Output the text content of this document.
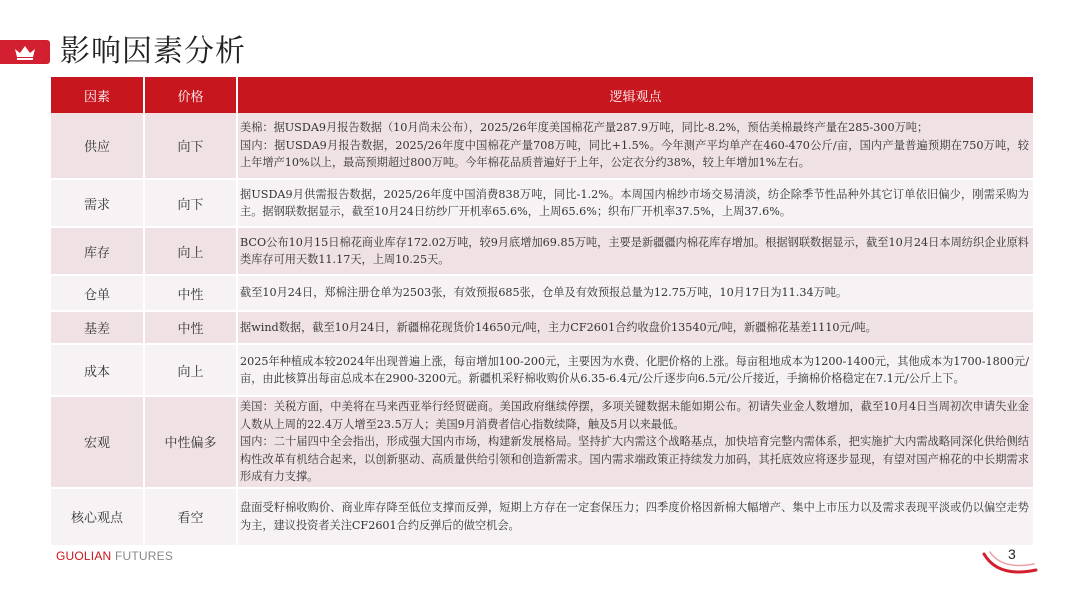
影响因素分析
因素	价格	逻辑观点
供应	向下	美棉：据USDA9月报告数据（10月尚未公布），2025/26年度美国棉花产量287.9万吨，同比-8.2%，预估美棉最终产量在285-300万吨；
国内：据USDA9月报告数据，2025/26年度中国棉花产量708万吨，同比+1.5%。今年测产平均单产在460-470公斤/亩，国内产量普遍预期在750万吨，较上年增产10%以上，最高预期超过800万吨。今年棉花品质普遍好于上年，公定衣分约38%，较上年增加1%左右。

需求	向下	据USDA9月供需报告数据，2025/26年度中国消费838万吨，同比-1.2%。本周国内棉纱市场交易清淡，纺企除季节性品种外其它订单依旧偏少，刚需采购为主。据钢联数据显示，截至10月24日纺纱厂开机率65.6%，上周65.6%；织布厂开机率37.5%，上周37.6%。

库存	向上	BCO公布10月15日棉花商业库存172.02万吨，较9月底增加69.85万吨，主要是新疆疆内棉花库存增加。根据钢联数据显示，截至10月24日本周纺织企业原料类库存可用天数11.17天，上周10.25天。

仓单	中性	截至10月24日，郑棉注册仓单为2503张，有效预报685张，仓单及有效预报总量为12.75万吨，10月17日为11.34万吨。

基差	中性	据wind数据，截至10月24日，新疆棉花现货价14650元/吨，主力CF2601合约收盘价13540元/吨，新疆棉花基差1110元/吨。

成本	向上	2025年种植成本较2024年出现普遍上涨，每亩增加100-200元，主要因为水费、化肥价格的上涨。每亩租地成本为1200-1400元，其他成本为1700-1800元/亩，由此核算出每亩总成本在2900-3200元。新疆机采籽棉收购价从6.35-6.4元/公斤逐步向6.5元/公斤接近，手摘棉价格稳定在7.1元/公斤上下。

宏观	中性偏多	美国：关税方面，中美将在马来西亚举行经贸磋商。美国政府继续停摆，多项关键数据未能如期公布。初请失业金人数增加，截至10月4日当周初次申请失业金人数从上周的22.4万人增至23.5万人；美国9月消费者信心指数续降，触及5月以来最低。
国内：二十届四中全会指出，形成强大国内市场，构建新发展格局。坚持扩大内需这个战略基点，加快培育完整内需体系，把实施扩大内需战略同深化供给侧结构性改革有机结合起来，以创新驱动、高质量供给引领和创造新需求。国内需求端政策正持续发力加码，其托底效应将逐步显现，有望对国产棉花的中长期需求形成有力支撑。

核心观点	看空	盘面受籽棉收购价、商业库存降至低位支撑而反弹，短期上方存在一定套保压力；四季度价格因新棉大幅增产、集中上市压力以及需求表现平淡或仍以偏空走势为主，建议投资者关注CF2601合约反弹后的做空机会。
GUOLIAN FUTURES	3
